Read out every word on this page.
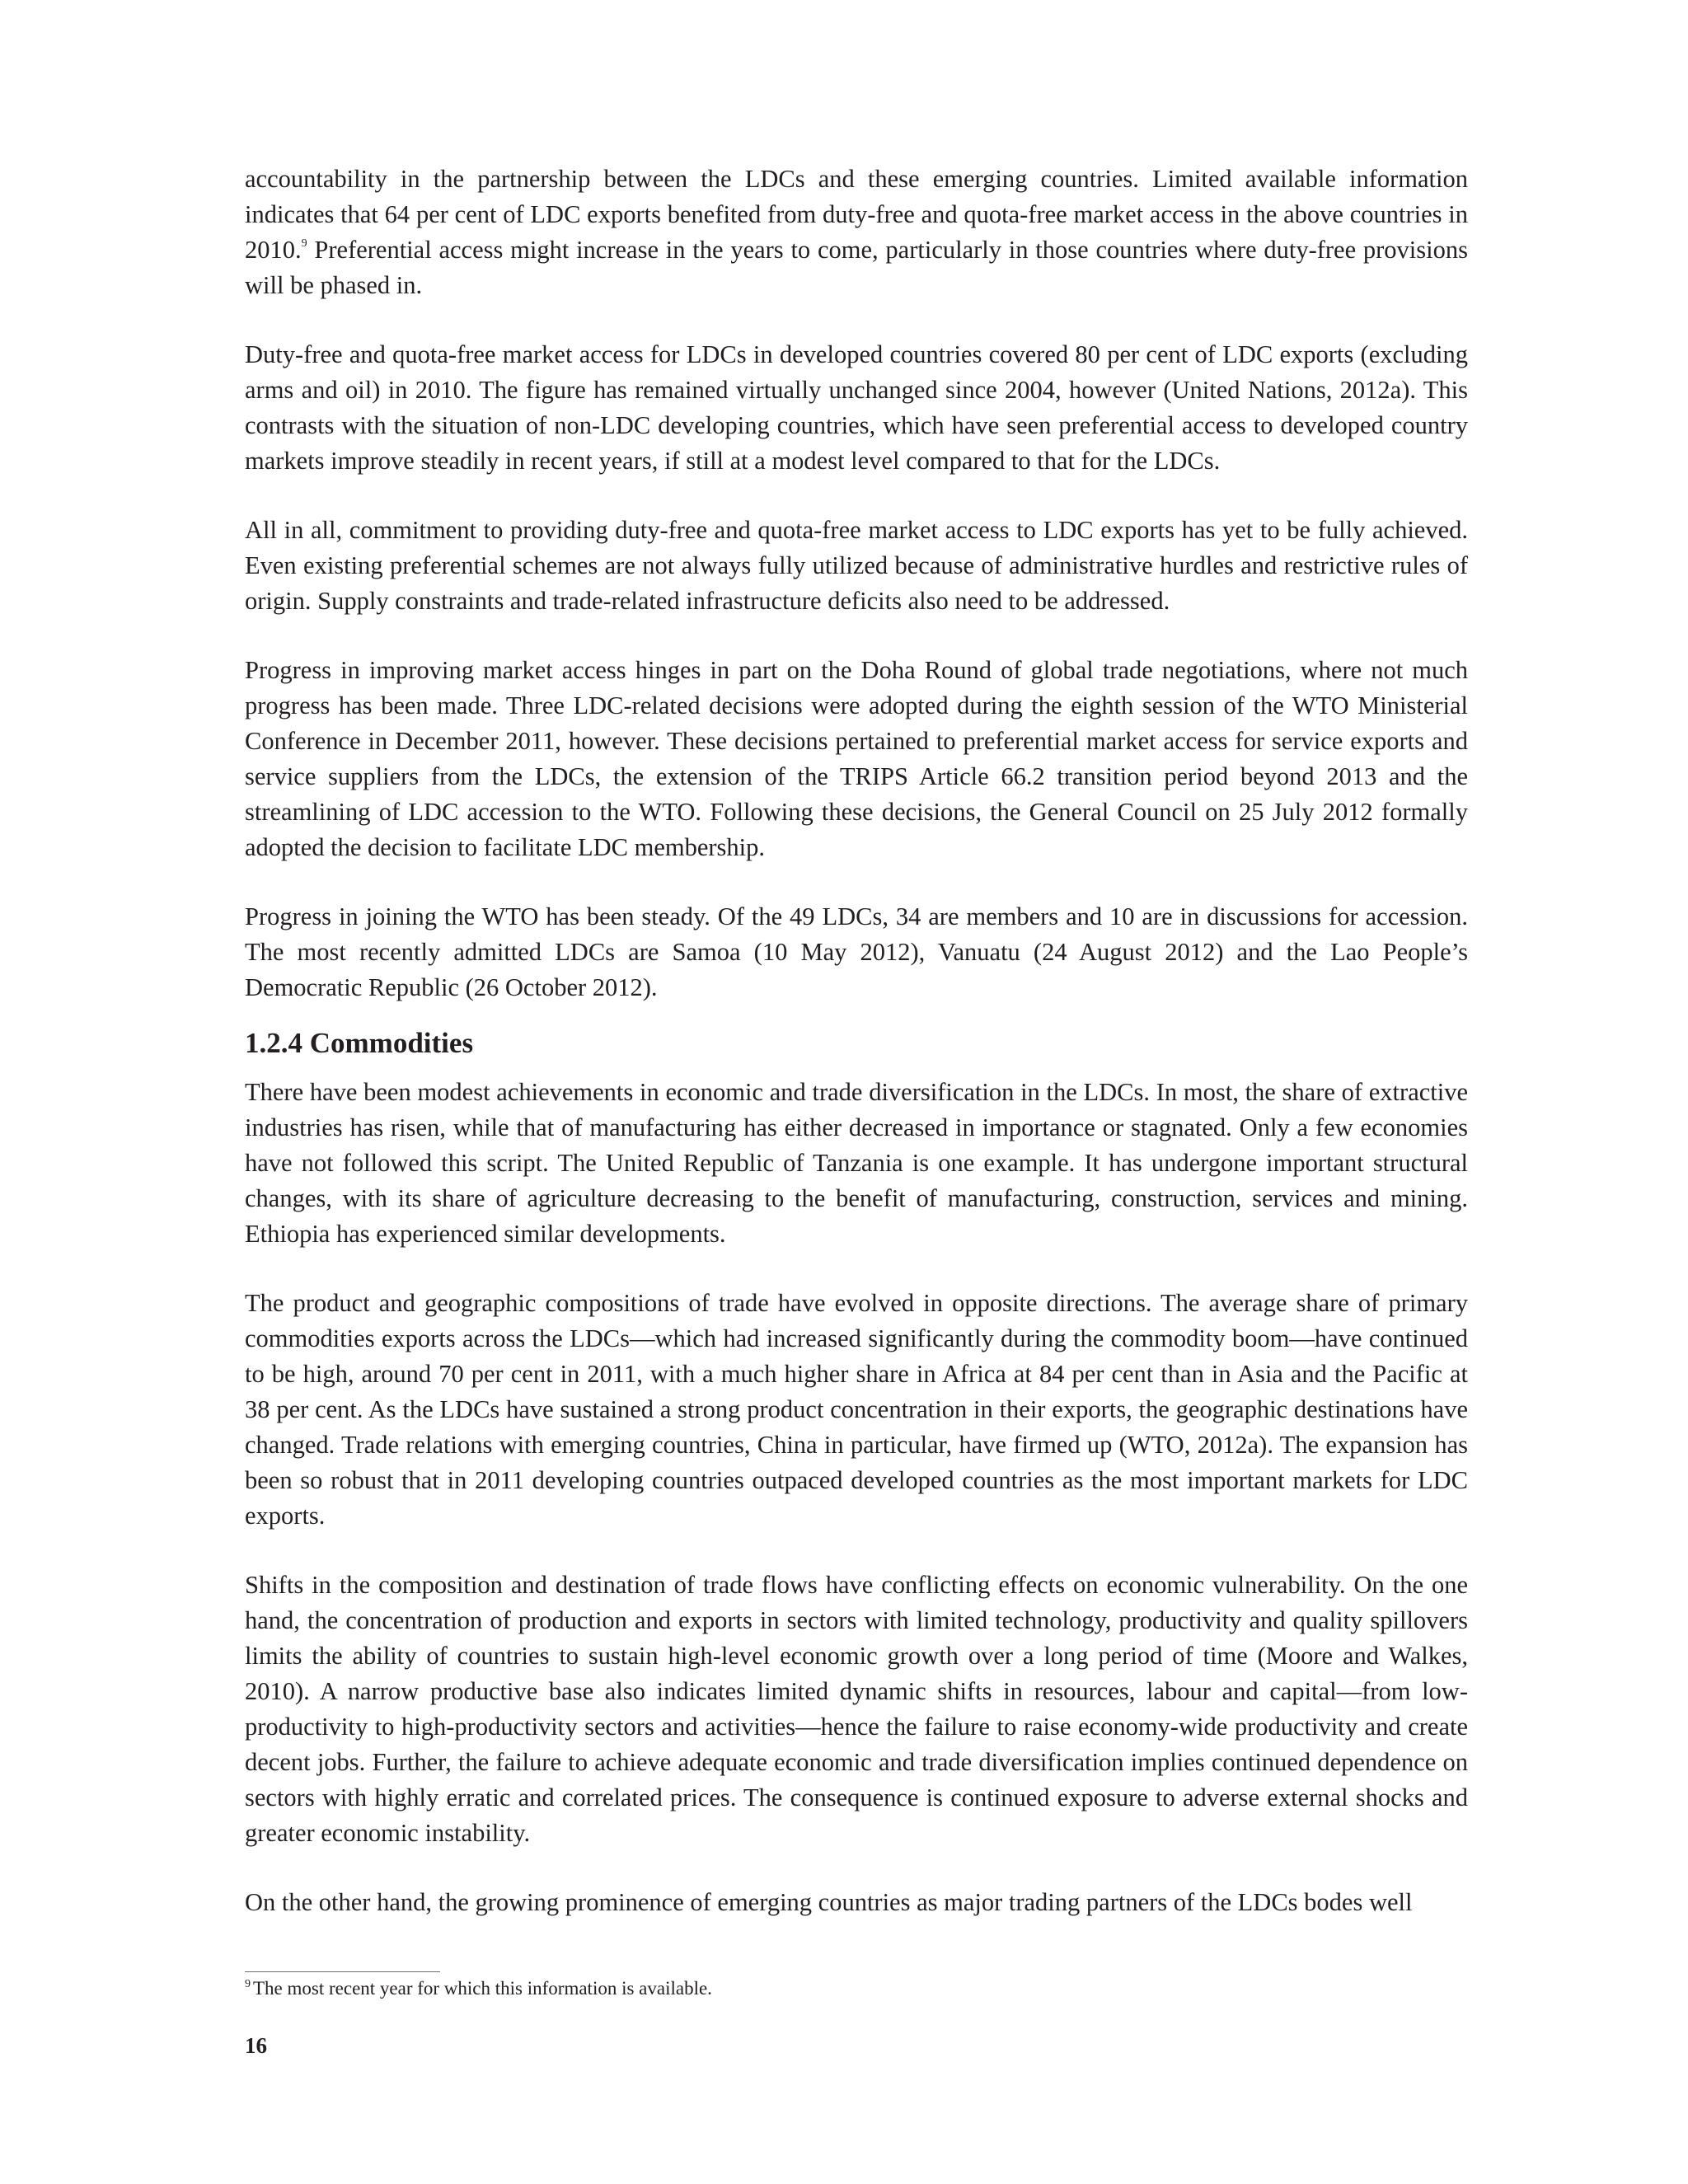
accountability in the partnership between the LDCs and these emerging countries. Limited available information indicates that 64 per cent of LDC exports benefited from duty-free and quota-free market access in the above countries in 2010.$^9$ Preferential access might increase in the years to come, particularly in those countries where duty-free provisions will be phased in.

Duty-free and quota-free market access for LDCs in developed countries covered 80 per cent of LDC exports (excluding arms and oil) in 2010. The figure has remained virtually unchanged since 2004, however (United Nations, 2012a). This contrasts with the situation of non-LDC developing countries, which have seen preferential access to developed country markets improve steadily in recent years, if still at a modest level compared to that for the LDCs.

All in all, commitment to providing duty-free and quota-free market access to LDC exports has yet to be fully achieved. Even existing preferential schemes are not always fully utilized because of administrative hurdles and restrictive rules of origin. Supply constraints and trade-related infrastructure deficits also need to be addressed.

Progress in improving market access hinges in part on the Doha Round of global trade negotiations, where not much progress has been made. Three LDC-related decisions were adopted during the eighth session of the WTO Ministerial Conference in December 2011, however. These decisions pertained to preferential market access for service exports and service suppliers from the LDCs, the extension of the TRIPS Article 66.2 transition period beyond 2013 and the streamlining of LDC accession to the WTO. Following these decisions, the General Council on 25 July 2012 formally adopted the decision to facilitate LDC membership.

Progress in joining the WTO has been steady. Of the 49 LDCs, 34 are members and 10 are in discussions for accession. The most recently admitted LDCs are Samoa (10 May 2012), Vanuatu (24 August 2012) and the Lao People’s Democratic Republic (26 October 2012).

1.2.4 Commodities

There have been modest achievements in economic and trade diversification in the LDCs. In most, the share of extractive industries has risen, while that of manufacturing has either decreased in importance or stagnated. Only a few economies have not followed this script. The United Republic of Tanzania is one example. It has undergone important structural changes, with its share of agriculture decreasing to the benefit of manufacturing, construction, services and mining. Ethiopia has experienced similar developments.

The product and geographic compositions of trade have evolved in opposite directions. The average share of primary commodities exports across the LDCs—which had increased significantly during the commodity boom—have continued to be high, around 70 per cent in 2011, with a much higher share in Africa at 84 per cent than in Asia and the Pacific at 38 per cent. As the LDCs have sustained a strong product concentration in their exports, the geographic destinations have changed. Trade relations with emerging countries, China in particular, have firmed up (WTO, 2012a). The expansion has been so robust that in 2011 developing countries outpaced developed countries as the most important markets for LDC exports.

Shifts in the composition and destination of trade flows have conflicting effects on economic vulnerability. On the one hand, the concentration of production and exports in sectors with limited technology, productivity and quality spillovers limits the ability of countries to sustain high-level economic growth over a long period of time (Moore and Walkes, 2010). A narrow productive base also indicates limited dynamic shifts in resources, labour and capital—from low-productivity to high-productivity sectors and activities—hence the failure to raise economy-wide productivity and create decent jobs. Further, the failure to achieve adequate economic and trade diversification implies continued dependence on sectors with highly erratic and correlated prices. The consequence is continued exposure to adverse external shocks and greater economic instability.

On the other hand, the growing prominence of emerging countries as major trading partners of the LDCs bodes well

$^9$ The most recent year for which this information is available.
16
